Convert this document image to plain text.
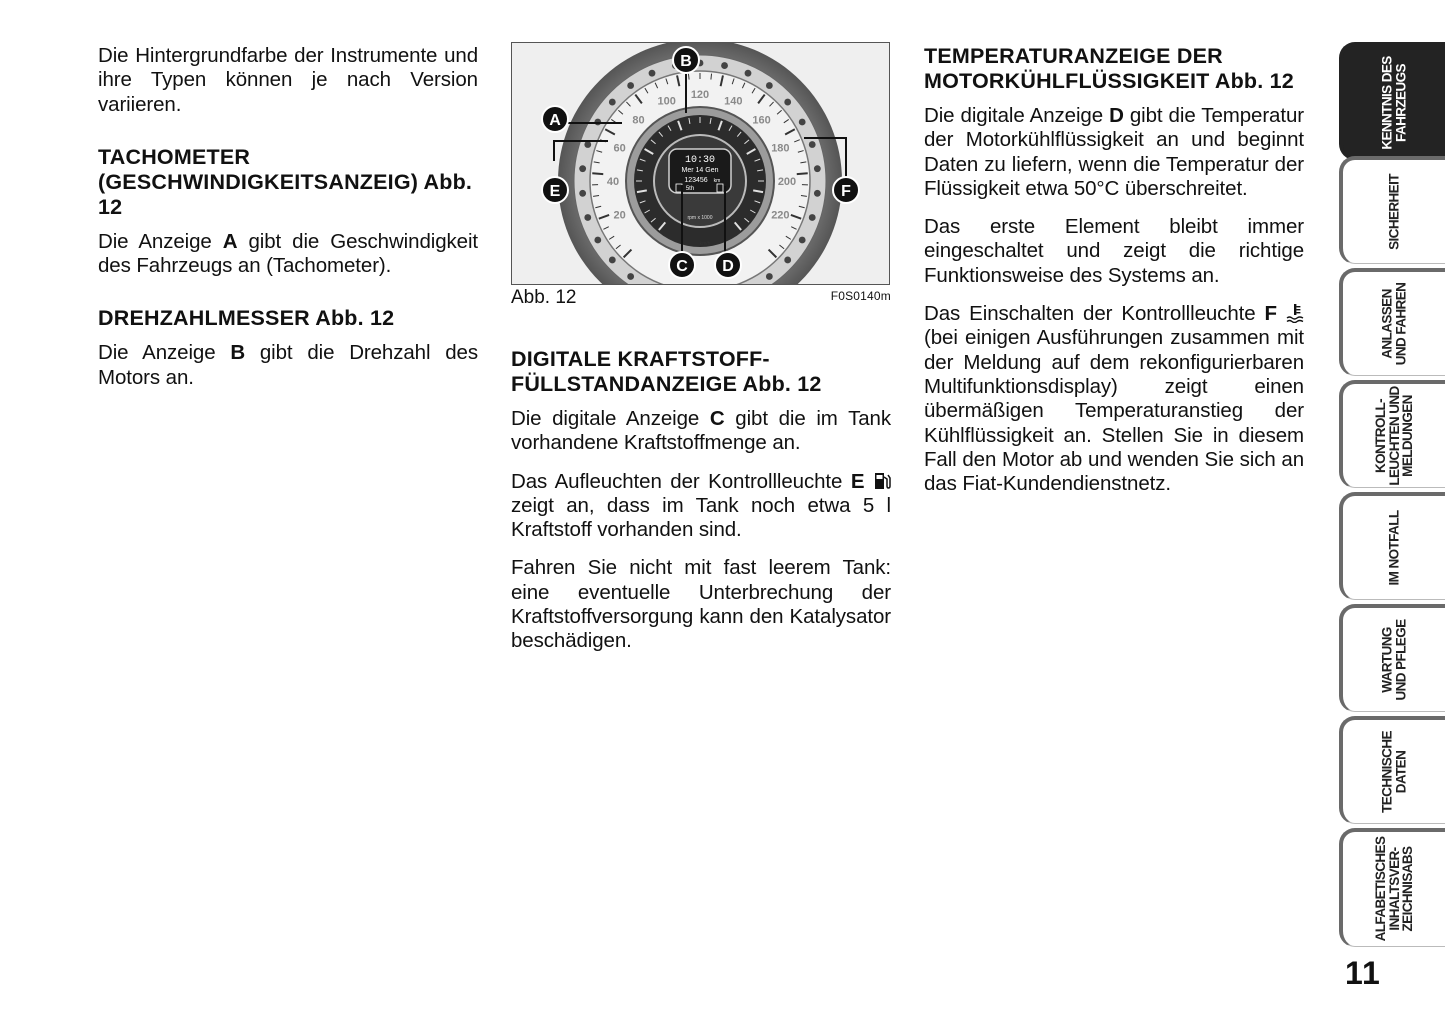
Die Hintergrundfarbe der Instrumente und ihre Typen können je nach Version variieren.

TACHOMETER (GESCHWINDIGKEITSANZEIG) Abb. 12

Die Anzeige A gibt die Geschwindigkeit des Fahrzeugs an (Tachometer).

DREHZAHLMESSER Abb. 12

Die Anzeige B gibt die Drehzahl des Motors an.

20
40
60
80
100
120
140
160
180
200
220
10:30
Mer 14 Gen
123456 km
5th
rpm x 1000
km/h
A
B
C D
E	F
Abb. 12	F0S0140m
DIGITALE KRAFTSTOFF-FÜLLSTANDANZEIGE Abb. 12

Die digitale Anzeige C gibt die im Tank vorhandene Kraftstoffmenge an.

Das Aufleuchten der Kontrollleuchte E  zeigt an, dass im Tank noch etwa 5 l Kraftstoff vorhanden sind.

Fahren Sie nicht mit fast leerem Tank: eine eventuelle Unterbrechung der Kraftstoffversorgung kann den Katalysator beschädigen.

TEMPERATURANZEIGE DER MOTORKÜHLFLÜSSIGKEIT Abb. 12

Die digitale Anzeige D gibt die Temperatur der Motorkühlflüssigkeit an und beginnt Daten zu liefern, wenn die Temperatur der Flüssigkeit etwa 50°C überschreitet.

Das erste Element bleibt immer eingeschaltet und zeigt die richtige Funktionsweise des Systems an.

Das Einschalten der Kontrollleuchte F  (bei einigen Ausführungen zusammen mit der Meldung auf dem rekonfigurierbaren Multifunktionsdisplay) zeigt einen übermäßigen Temperaturanstieg der Kühlflüssigkeit an. Stellen Sie in diesem Fall den Motor ab und wenden Sie sich an das Fiat-Kundendienstnetz.

KENNTNIS DES
FAHRZEUGS
SICHERHEIT
ANLASSEN
UND FAHREN
KONTROLL-
LEUCHTEN UND
MELDUNGEN
IM NOTFALL
WARTUNG
UND PFLEGE
TECHNISCHE
DATEN
ALFABETISCHES
INHALTSVER-
ZEICHNISABS
11
